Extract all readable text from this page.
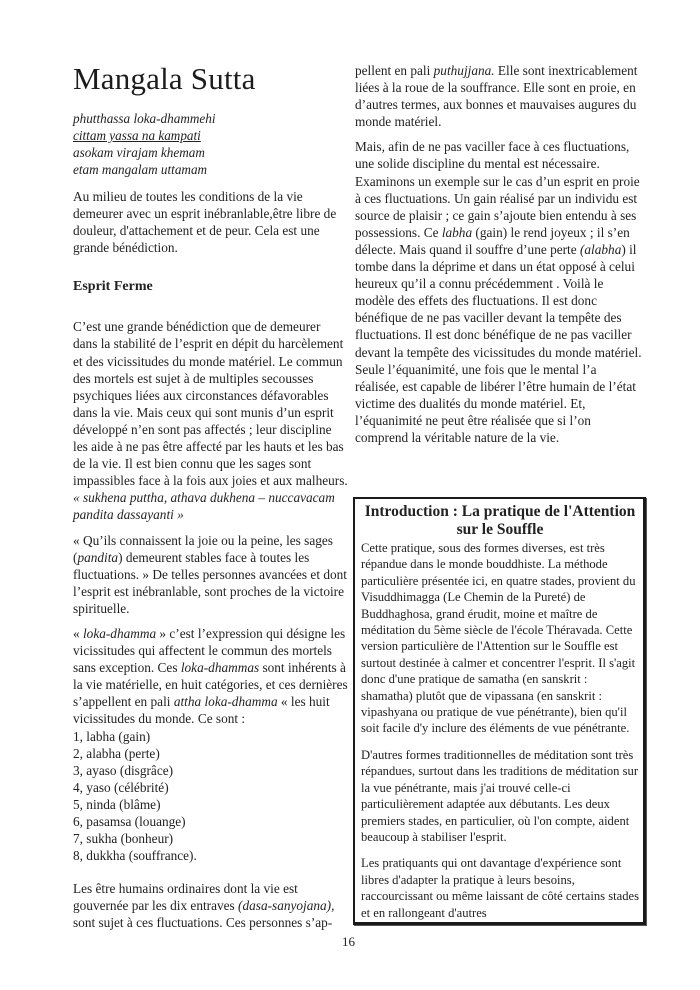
Mangala Sutta
phutthassa loka-dhammehi
cittam yassa na kampati
asokam virajam khemam
etam mangalam uttamam

Au milieu de toutes les conditions de la vie demeurer avec un esprit inébranlable,être libre de douleur, d'attachement et de peur. Cela est une grande bénédiction.

Esprit Ferme

C’est une grande bénédiction que de demeurer dans la stabilité de l’esprit en dépit du harcèlement et des vicissitudes du monde matériel. Le commun des mortels est sujet à de multiples secousses psychiques liées aux circonstances défavorables dans la vie. Mais ceux qui sont munis d’un esprit développé n’en sont pas affectés ; leur discipline les aide à ne pas être affecté par les hauts et les bas de la vie. Il est bien connu que les sages sont impassibles face à la fois aux joies et aux malheurs.

« sukhena puttha, athava dukhena – nuccavacam pandita dassayanti »

« Qu’ils connaissent la joie ou la peine, les sages (pandita) demeurent stables face à toutes les fluctuations. » De telles personnes avancées et dont l’esprit est inébranlable, sont proches de la victoire spirituelle.

« loka-dhamma » c’est l’expression qui désigne les vicissitudes qui affectent le commun des mortels sans exception. Ces loka-dhammas sont inhérents à la vie matérielle, en huit catégories, et ces dernières s’appellent en pali attha loka-dhamma « les huit vicissitudes du monde. Ce sont :

1, labha (gain)
2, alabha (perte)
3, ayaso (disgrâce)
4, yaso (célébrité)
5, ninda (blâme)
6, pasamsa (louange)
7, sukha (bonheur)
8, dukkha (souffrance).

Les être humains ordinaires dont la vie est gouvernée par les dix entraves (dasa-sanyojana), sont sujet à ces fluctuations. Ces personnes s’ap-

pellent en pali puthujjana. Elle sont inextricablement liées à la roue de la souffrance. Elle sont en proie, en d’autres termes, aux bonnes et mauvaises augures du monde matériel.

Mais, afin de ne pas vaciller face à ces fluctuations, une solide discipline du mental est nécessaire. Examinons un exemple sur le cas d’un esprit en proie à ces fluctuations. Un gain réalisé par un individu est source de plaisir ; ce gain s’ajoute bien entendu à ses possessions. Ce labha (gain) le rend joyeux ; il s’en délecte. Mais quand il souffre d’une perte (alabha) il tombe dans la déprime et dans un état opposé à celui heureux qu’il a connu précédemment . Voilà le modèle des effets des fluctuations. Il est donc bénéfique de ne pas vaciller devant la tempête des fluctuations. Il est donc bénéfique de ne pas vaciller devant la tempête des vicissitudes du monde matériel. Seule l’équanimité, une fois que le mental l’a réalisée, est capable de libérer l’être humain de l’état victime des dualités du monde matériel. Et, l’équanimité ne peut être réalisée que si l’on comprend la véritable nature de la vie.

Introduction : La pratique de l'Attention sur le Souffle

Cette pratique, sous des formes diverses, est très répandue dans le monde bouddhiste. La méthode particulière présentée ici, en quatre stades, provient du Visuddhimagga (Le Chemin de la Pureté) de Buddhaghosa, grand érudit, moine et maître de méditation du 5ème siècle de l'école Théravada. Cette version particulière de l'Attention sur le Souffle est surtout destinée à calmer et concentrer l'esprit. Il s'agit donc d'une pratique de samatha (en sanskrit : shamatha) plutôt que de vipassana (en sanskrit : vipashyana ou pratique de vue pénétrante), bien qu'il soit facile d'y inclure des éléments de vue pénétrante.

D'autres formes traditionnelles de méditation sont très répandues, surtout dans les traditions de méditation sur la vue pénétrante, mais j'ai trouvé celle-ci particulièrement adaptée aux débutants. Les deux premiers stades, en particulier, où l'on compte, aident beaucoup à stabiliser l'esprit.

Les pratiquants qui ont davantage d'expérience sont libres d'adapter la pratique à leurs besoins, raccourcissant ou même laissant de côté certains stades et en rallongeant d'autres

16
